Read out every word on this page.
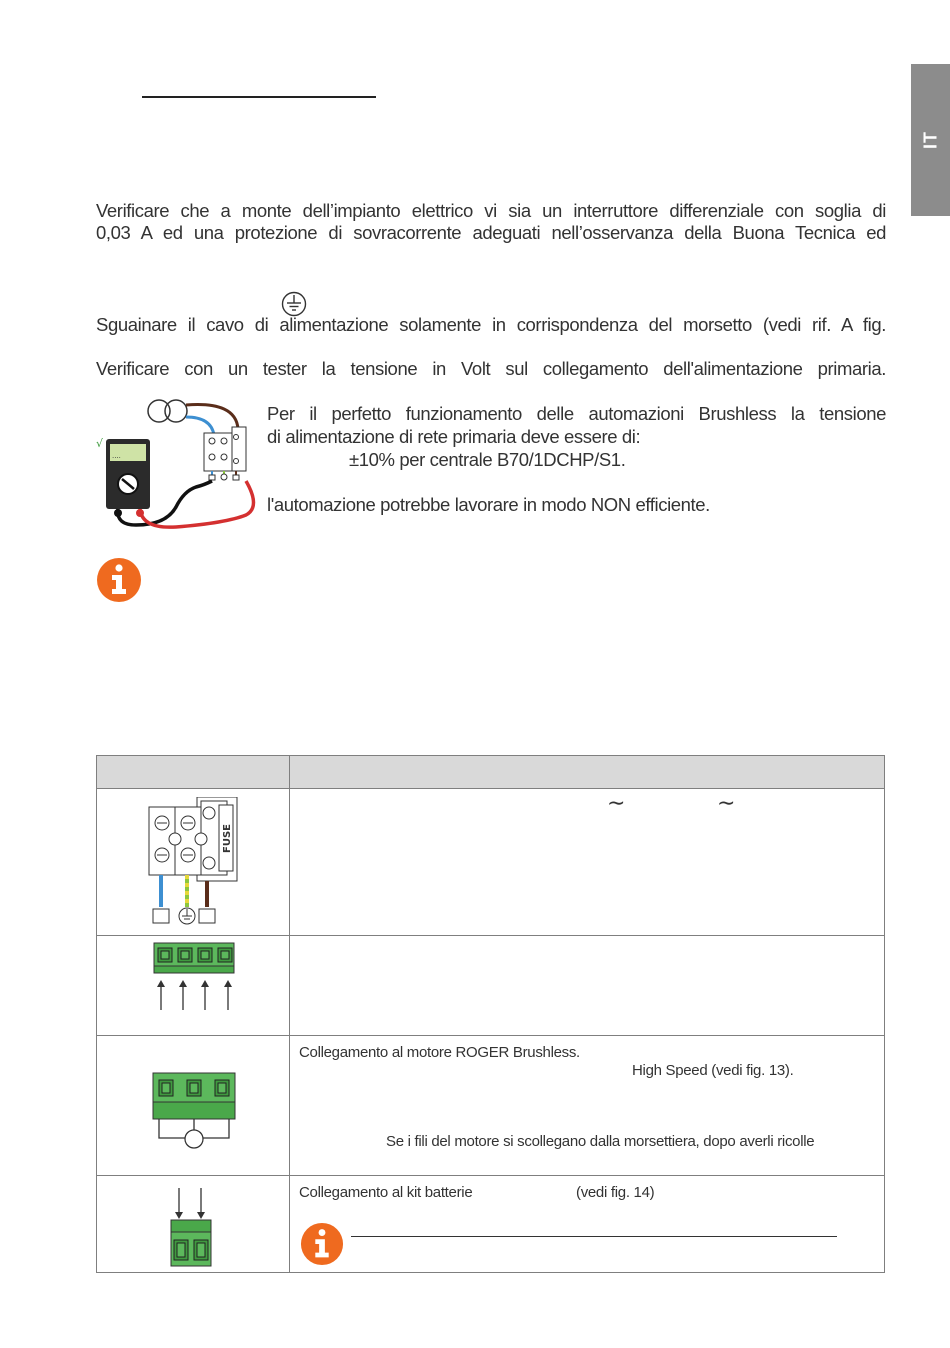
IT
Verificare che a monte dell’impianto elettrico vi sia un interruttore differenziale con soglia di
0,03 A ed una protezione di sovracorrente adeguati nell’osservanza della Buona Tecnica ed
Sguainare il cavo di alimentazione solamente in corrispondenza del morsetto (vedi rif. A fig.
Verificare con un tester la tensione in Volt sul collegamento dell'alimentazione primaria.
√
....
Per il perfetto funzionamento delle automazioni Brushless la tensione
di alimentazione di rete primaria deve essere di:
±10% per centrale B70/1DCHP/S1.
l'automazione potrebbe lavorare in modo NON efficiente.

FUSE	∼ ∼

Collegamento al motore ROGER Brushless.
High Speed (vedi fig. 13).
Se i fili del motore si scollegano dalla morsettiera, dopo averli ricolle

Collegamento al kit batterie (vedi fig. 14)
